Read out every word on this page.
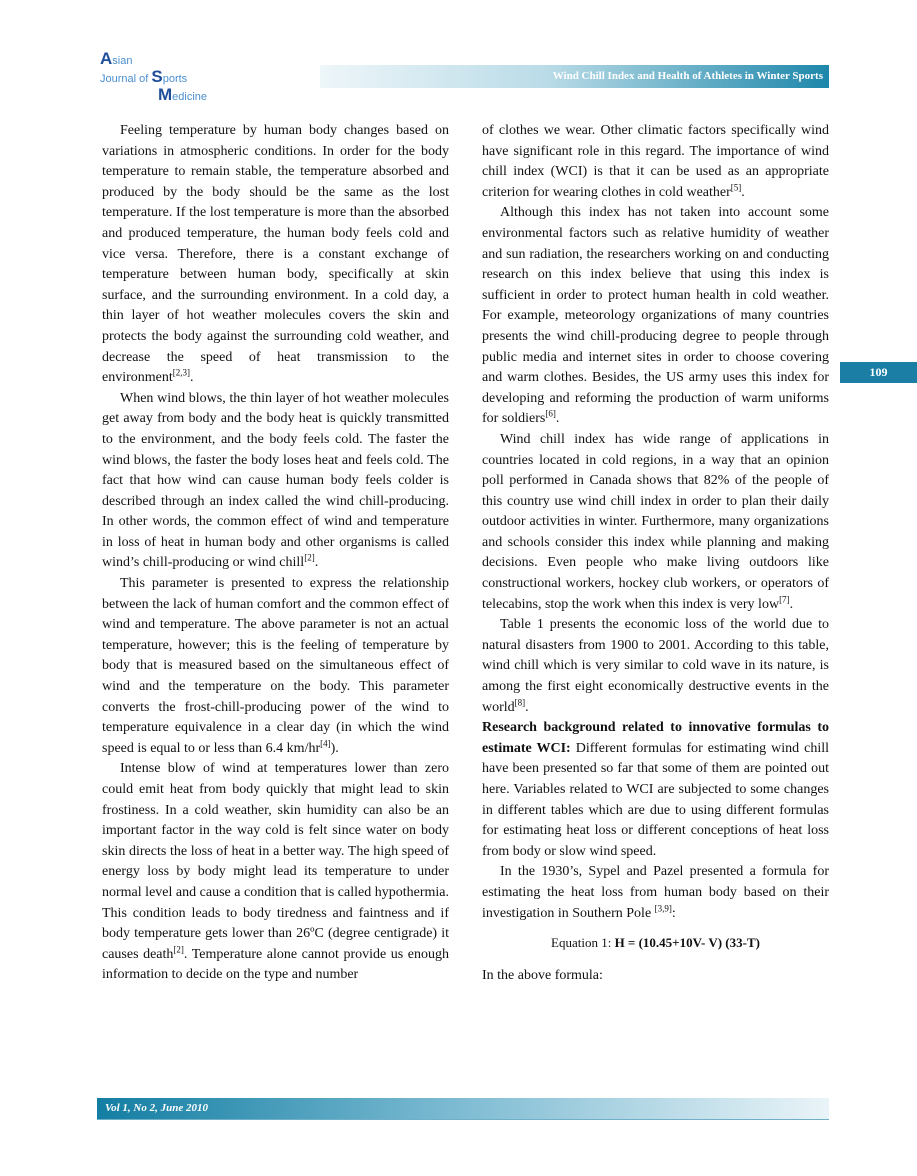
Asian
Journal of Sports
Medicine
Wind Chill Index and Health of Athletes in Winter Sports

Feeling temperature by human body changes based on variations in atmospheric conditions. In order for the body temperature to remain stable, the temperature absorbed and produced by the body should be the same as the lost temperature. If the lost temperature is more than the absorbed and produced temperature, the human body feels cold and vice versa. Therefore, there is a constant exchange of temperature between human body, specifically at skin surface, and the surrounding environment. In a cold day, a thin layer of hot weather molecules covers the skin and protects the body against the surrounding cold weather, and decrease the speed of heat transmission to the environment[2,3].

When wind blows, the thin layer of hot weather molecules get away from body and the body heat is quickly transmitted to the environment, and the body feels cold. The faster the wind blows, the faster the body loses heat and feels cold. The fact that how wind can cause human body feels colder is described through an index called the wind chill-producing. In other words, the common effect of wind and temperature in loss of heat in human body and other organisms is called wind’s chill-producing or wind chill[2].

This parameter is presented to express the relationship between the lack of human comfort and the common effect of wind and temperature. The above parameter is not an actual temperature, however; this is the feeling of temperature by body that is measured based on the simultaneous effect of wind and the temperature on the body. This parameter converts the frost-chill-producing power of the wind to temperature equivalence in a clear day (in which the wind speed is equal to or less than 6.4 km/hr[4]).

Intense blow of wind at temperatures lower than zero could emit heat from body quickly that might lead to skin frostiness. In a cold weather, skin humidity can also be an important factor in the way cold is felt since water on body skin directs the loss of heat in a better way. The high speed of energy loss by body might lead its temperature to under normal level and cause a condition that is called hypothermia. This condition leads to body tiredness and faintness and if body temperature gets lower than 26ºC (degree centigrade) it causes death[2]. Temperature alone cannot provide us enough information to decide on the type and number

of clothes we wear. Other climatic factors specifically wind have significant role in this regard. The importance of wind chill index (WCI) is that it can be used as an appropriate criterion for wearing clothes in cold weather[5].

Although this index has not taken into account some environmental factors such as relative humidity of weather and sun radiation, the researchers working on and conducting research on this index believe that using this index is sufficient in order to protect human health in cold weather. For example, meteorology organizations of many countries presents the wind chill-producing degree to people through public media and internet sites in order to choose covering and warm clothes. Besides, the US army uses this index for developing and reforming the production of warm uniforms for soldiers[6].

Wind chill index has wide range of applications in countries located in cold regions, in a way that an opinion poll performed in Canada shows that 82% of the people of this country use wind chill index in order to plan their daily outdoor activities in winter. Furthermore, many organizations and schools consider this index while planning and making decisions. Even people who make living outdoors like constructional workers, hockey club workers, or operators of telecabins, stop the work when this index is very low[7].

Table 1 presents the economic loss of the world due to natural disasters from 1900 to 2001. According to this table, wind chill which is very similar to cold wave in its nature, is among the first eight economically destructive events in the world[8].

Research background related to innovative formulas to estimate WCI: Different formulas for estimating wind chill have been presented so far that some of them are pointed out here. Variables related to WCI are subjected to some changes in different tables which are due to using different formulas for estimating heat loss or different conceptions of heat loss from body or slow wind speed.

In the 1930’s, Sypel and Pazel presented a formula for estimating the heat loss from human body based on their investigation in Southern Pole [3,9]:

Equation 1: H = (10.45+10V- V) (33-T)

In the above formula:

109
Vol 1, No 2, June 2010
